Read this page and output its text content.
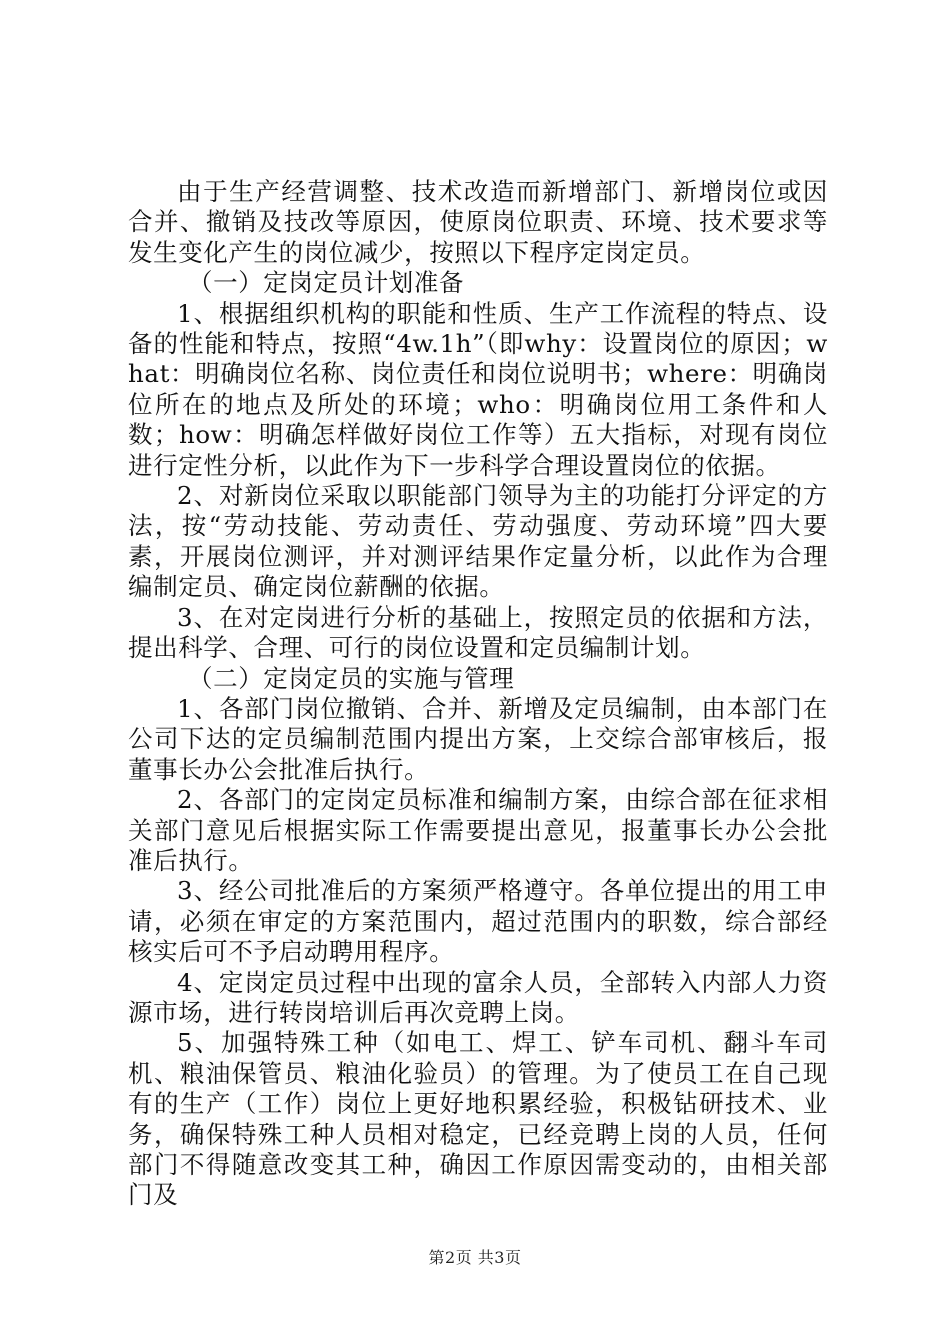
由于生产经营调整、技术改造而新增部门、新增岗位或因合并、撤销及技改等原因，使原岗位职责、环境、技术要求等发生变化产生的岗位减少，按照以下程序定岗定员。

（一）定岗定员计划准备

1、根据组织机构的职能和性质、生产工作流程的特点、设备的性能和特点，按照“4w.1h”（即why：设置岗位的原因；what：明确岗位名称、岗位责任和岗位说明书；where：明确岗位所在的地点及所处的环境；who：明确岗位用工条件和人数；how：明确怎样做好岗位工作等）五大指标，对现有岗位进行定性分析，以此作为下一步科学合理设置岗位的依据。

2、对新岗位采取以职能部门领导为主的功能打分评定的方法，按“劳动技能、劳动责任、劳动强度、劳动环境”四大要素，开展岗位测评，并对测评结果作定量分析，以此作为合理编制定员、确定岗位薪酬的依据。

3、在对定岗进行分析的基础上，按照定员的依据和方法，提出科学、合理、可行的岗位设置和定员编制计划。

（二）定岗定员的实施与管理

1、各部门岗位撤销、合并、新增及定员编制，由本部门在公司下达的定员编制范围内提出方案，上交综合部审核后，报董事长办公会批准后执行。

2、各部门的定岗定员标准和编制方案，由综合部在征求相关部门意见后根据实际工作需要提出意见，报董事长办公会批准后执行。

3、经公司批准后的方案须严格遵守。各单位提出的用工申请，必须在审定的方案范围内，超过范围内的职数，综合部经核实后可不予启动聘用程序。

4、定岗定员过程中出现的富余人员，全部转入内部人力资源市场，进行转岗培训后再次竞聘上岗。

5、加强特殊工种（如电工、焊工、铲车司机、翻斗车司机、粮油保管员、粮油化验员）的管理。为了使员工在自己现有的生产（工作）岗位上更好地积累经验，积极钻研技术、业务，确保特殊工种人员相对稳定，已经竞聘上岗的人员，任何部门不得随意改变其工种，确因工作原因需变动的，由相关部门及

第2页 共3页
